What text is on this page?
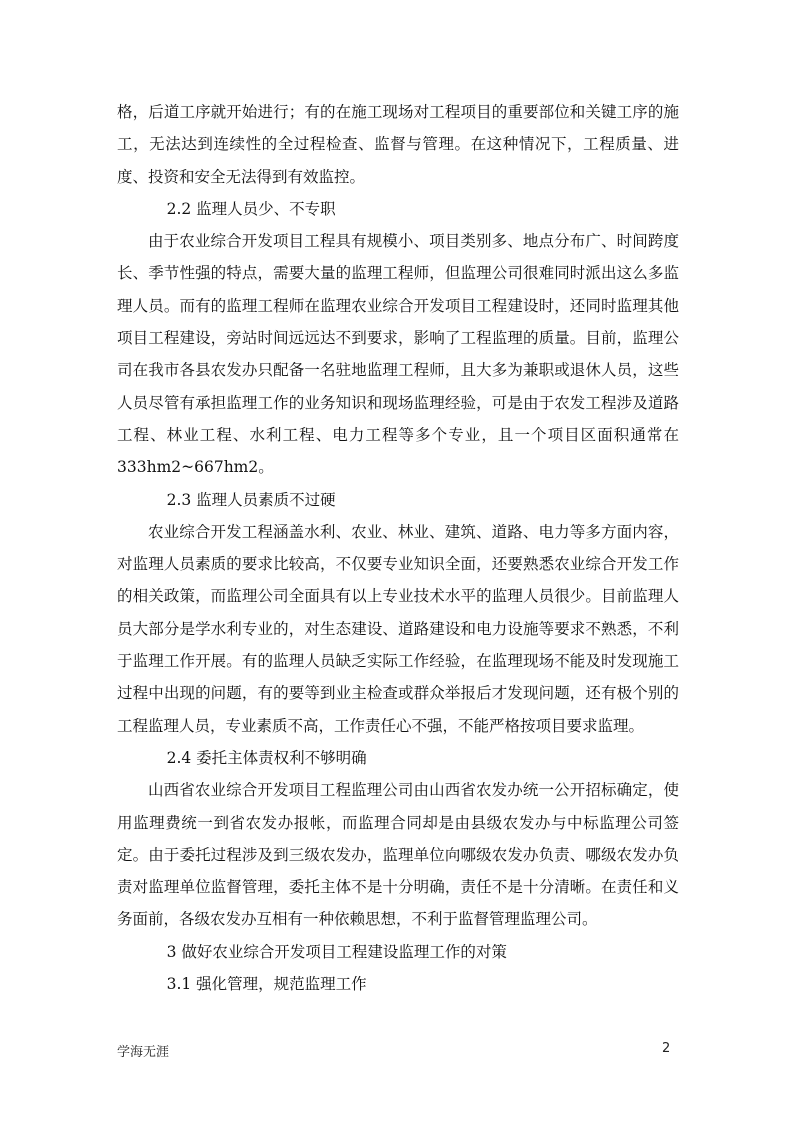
格，后道工序就开始进行；有的在施工现场对工程项目的重要部位和关键工序的施工，无法达到连续性的全过程检查、监督与管理。在这种情况下，工程质量、进度、投资和安全无法得到有效监控。

2.2 监理人员少、不专职

由于农业综合开发项目工程具有规模小、项目类别多、地点分布广、时间跨度长、季节性强的特点，需要大量的监理工程师，但监理公司很难同时派出这么多监理人员。而有的监理工程师在监理农业综合开发项目工程建设时，还同时监理其他项目工程建设，旁站时间远远达不到要求，影响了工程监理的质量。目前，监理公司在我市各县农发办只配备一名驻地监理工程师，且大多为兼职或退休人员，这些人员尽管有承担监理工作的业务知识和现场监理经验，可是由于农发工程涉及道路工程、林业工程、水利工程、电力工程等多个专业，且一个项目区面积通常在 333hm2~667hm2。

2.3 监理人员素质不过硬

农业综合开发工程涵盖水利、农业、林业、建筑、道路、电力等多方面内容，对监理人员素质的要求比较高，不仅要专业知识全面，还要熟悉农业综合开发工作的相关政策，而监理公司全面具有以上专业技术水平的监理人员很少。目前监理人员大部分是学水利专业的，对生态建设、道路建设和电力设施等要求不熟悉，不利于监理工作开展。有的监理人员缺乏实际工作经验，在监理现场不能及时发现施工过程中出现的问题，有的要等到业主检查或群众举报后才发现问题，还有极个别的工程监理人员，专业素质不高，工作责任心不强，不能严格按项目要求监理。

2.4 委托主体责权利不够明确

山西省农业综合开发项目工程监理公司由山西省农发办统一公开招标确定，使用监理费统一到省农发办报帐，而监理合同却是由县级农发办与中标监理公司签定。由于委托过程涉及到三级农发办，监理单位向哪级农发办负责、哪级农发办负责对监理单位监督管理，委托主体不是十分明确，责任不是十分清晰。在责任和义务面前，各级农发办互相有一种依赖思想，不利于监督管理监理公司。

3 做好农业综合开发项目工程建设监理工作的对策

3.1 强化管理，规范监理工作

学海无涯	2
